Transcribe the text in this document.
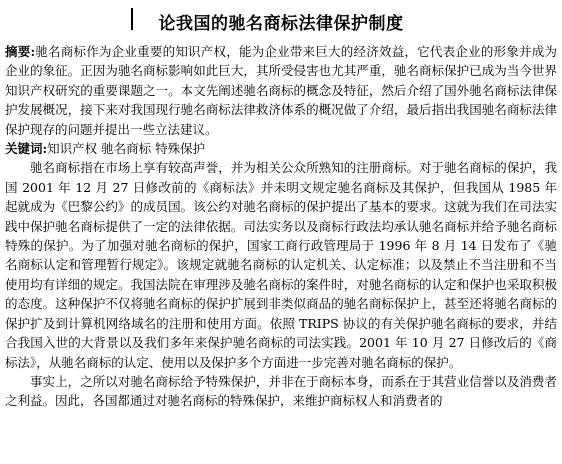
论我国的驰名商标法律保护制度

摘要:驰名商标作为企业重要的知识产权，能为企业带来巨大的经济效益，它代表企业的形象并成为企业的象征。正因为驰名商标影响如此巨大，其所受侵害也尤其严重，驰名商标保护已成为当今世界知识产权研究的重要课题之一。本文先阐述驰名商标的概念及特征，然后介绍了国外驰名商标法律保护发展概况，接下来对我国现行驰名商标法律救济体系的概况做了介绍，最后指出我国驰名商标法律保护现存的问题并提出一些立法建议。

关键词:知识产权 驰名商标 特殊保护

驰名商标指在市场上享有较高声誉，并为相关公众所熟知的注册商标。对于驰名商标的保护，我国 2001 年 12 月 27 日修改前的《商标法》并未明文规定驰名商标及其保护，但我国从 1985 年起就成为《巴黎公约》的成员国。该公约对驰名商标的保护提出了基本的要求。这就为我们在司法实践中保护驰名商标提供了一定的法律依据。司法实务以及商标行政法均承认驰名商标并给予驰名商标特殊的保护。为了加强对驰名商标的保护，国家工商行政管理局于 1996 年 8 月 14 日发布了《驰名商标认定和管理暂行规定》。该规定就驰名商标的认定机关、认定标准；以及禁止不当注册和不当使用均有详细的规定。我国法院在审理涉及驰名商标的案件时，对驰名商标的认定和保护也采取积极的态度。这种保护不仅将驰名商标的保护扩展到非类似商品的驰名商标保护上，甚至还将驰名商标的保护扩及到计算机网络域名的注册和使用方面。依照 TRIPS 协议的有关保护驰名商标的要求，并结合我国入世的大背景以及我们多年来保护驰名商标的司法实践。2001 年 10 月 27 日修改后的《商标法》，从驰名商标的认定、使用以及保护多个方面进一步完善对驰名商标的保护。

事实上，之所以对驰名商标给予特殊保护，并非在于商标本身，而系在于其营业信誉以及消费者之利益。因此，各国都通过对驰名商标的特殊保护，来维护商标权人和消费者的
